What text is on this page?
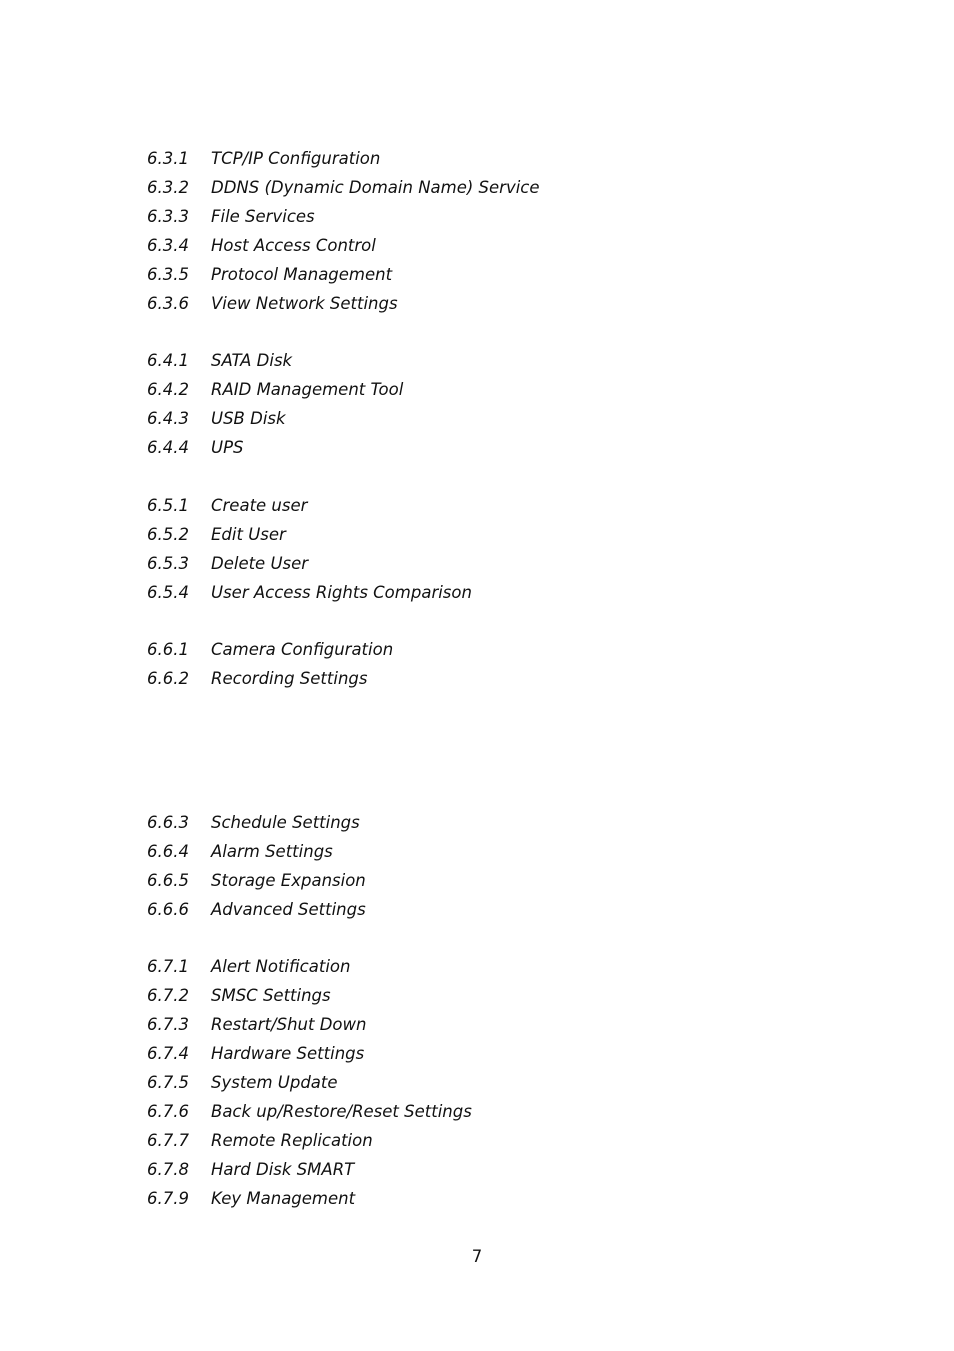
6.3.1 TCP/IP Configuration
6.3.2 DDNS (Dynamic Domain Name) Service
6.3.3 File Services
6.3.4 Host Access Control
6.3.5 Protocol Management
6.3.6 View Network Settings
6.4.1 SATA Disk
6.4.2 RAID Management Tool
6.4.3 USB Disk
6.4.4 UPS
6.5.1 Create user
6.5.2 Edit User
6.5.3 Delete User
6.5.4 User Access Rights Comparison
6.6.1 Camera Configuration
6.6.2 Recording Settings
6.6.3 Schedule Settings
6.6.4 Alarm Settings
6.6.5 Storage Expansion
6.6.6 Advanced Settings
6.7.1 Alert Notification
6.7.2 SMSC Settings
6.7.3 Restart/Shut Down
6.7.4 Hardware Settings
6.7.5 System Update
6.7.6 Back up/Restore/Reset Settings
6.7.7 Remote Replication
6.7.8 Hard Disk SMART
6.7.9 Key Management
7
